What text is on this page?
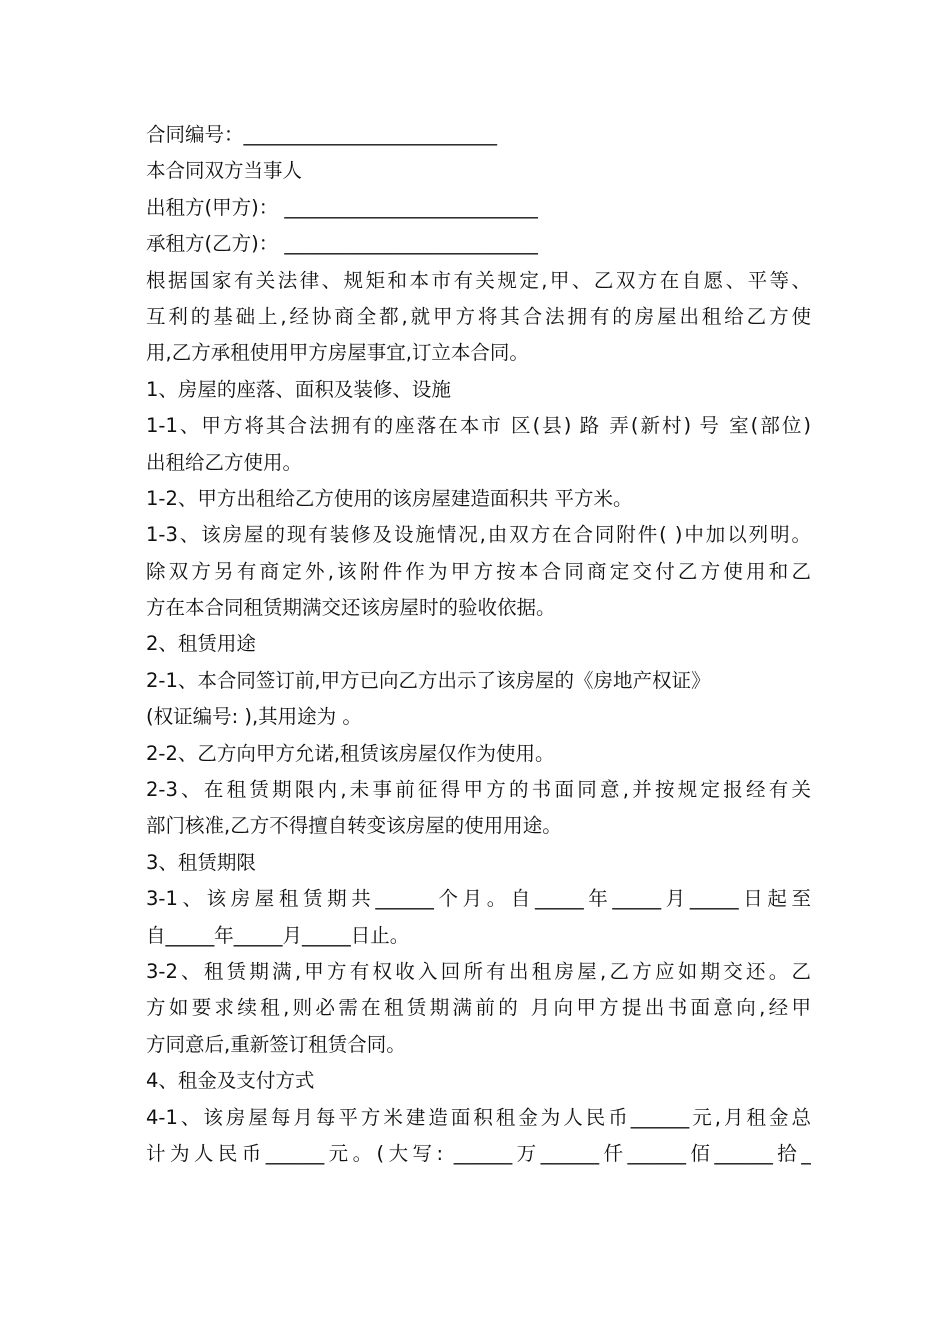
合同编号：__________________________
本合同双方当事人
出租方(甲方)： __________________________
承租方(乙方)： __________________________
根据国家有关法律、规矩和本市有关规定,甲、乙双方在自愿、平等、
互利的基础上,经协商全都,就甲方将其合法拥有的房屋出租给乙方使
用,乙方承租使用甲方房屋事宜,订立本合同。
1、房屋的座落、面积及装修、设施
1-1、甲方将其合法拥有的座落在本市 区(县) 路 弄(新村) 号 室(部位)
出租给乙方使用。
1-2、甲方出租给乙方使用的该房屋建造面积共 平方米。
1-3、该房屋的现有装修及设施情况,由双方在合同附件( )中加以列明。
除双方另有商定外,该附件作为甲方按本合同商定交付乙方使用和乙
方在本合同租赁期满交还该房屋时的验收依据。
2、租赁用途
2-1、本合同签订前,甲方已向乙方出示了该房屋的《房地产权证》
(权证编号: ),其用途为 。
2-2、乙方向甲方允诺,租赁该房屋仅作为使用。
2-3、在租赁期限内,未事前征得甲方的书面同意,并按规定报经有关
部门核准,乙方不得擅自转变该房屋的使用用途。
3、租赁期限
3-1、该房屋租赁期共______个月。自_____年_____月_____日起至
自_____年_____月_____日止。
3-2、租赁期满,甲方有权收入回所有出租房屋,乙方应如期交还。乙
方如要求续租,则必需在租赁期满前的 月向甲方提出书面意向,经甲
方同意后,重新签订租赁合同。
4、租金及支付方式
4-1、该房屋每月每平方米建造面积租金为人民币______元,月租金总
计为人民币______元。(大写: ______万______仟______佰______拾_
